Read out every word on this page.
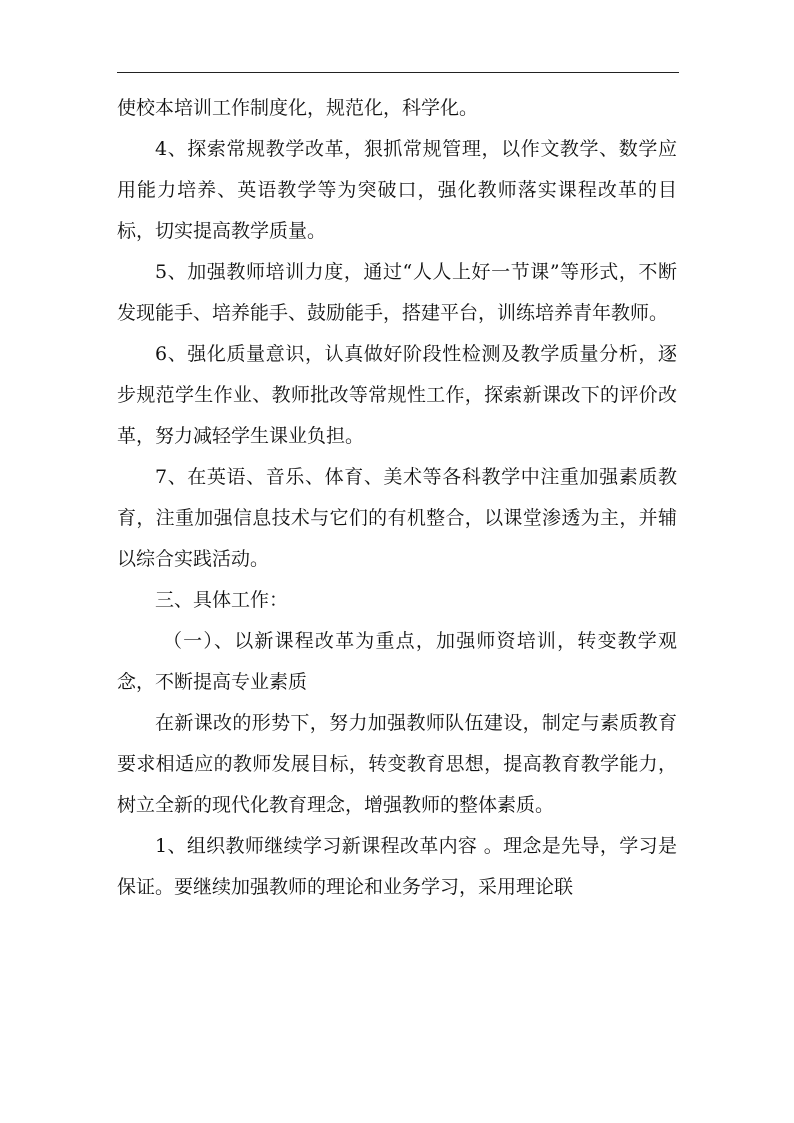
使校本培训工作制度化，规范化，科学化。

4、探索常规教学改革，狠抓常规管理，以作文教学、数学应用能力培养、英语教学等为突破口，强化教师落实课程改革的目标，切实提高教学质量。

5、加强教师培训力度，通过“人人上好一节课”等形式，不断发现能手、培养能手、鼓励能手，搭建平台，训练培养青年教师。

6、强化质量意识，认真做好阶段性检测及教学质量分析，逐步规范学生作业、教师批改等常规性工作，探索新课改下的评价改革，努力减轻学生课业负担。

7、在英语、音乐、体育、美术等各科教学中注重加强素质教育，注重加强信息技术与它们的有机整合，以课堂渗透为主，并辅以综合实践活动。

三、具体工作：

（一）、以新课程改革为重点，加强师资培训，转变教学观念，不断提高专业素质

在新课改的形势下，努力加强教师队伍建设，制定与素质教育要求相适应的教师发展目标，转变教育思想，提高教育教学能力，树立全新的现代化教育理念，增强教师的整体素质。

1、组织教师继续学习新课程改革内容 。理念是先导，学习是保证。要继续加强教师的理论和业务学习，采用理论联
